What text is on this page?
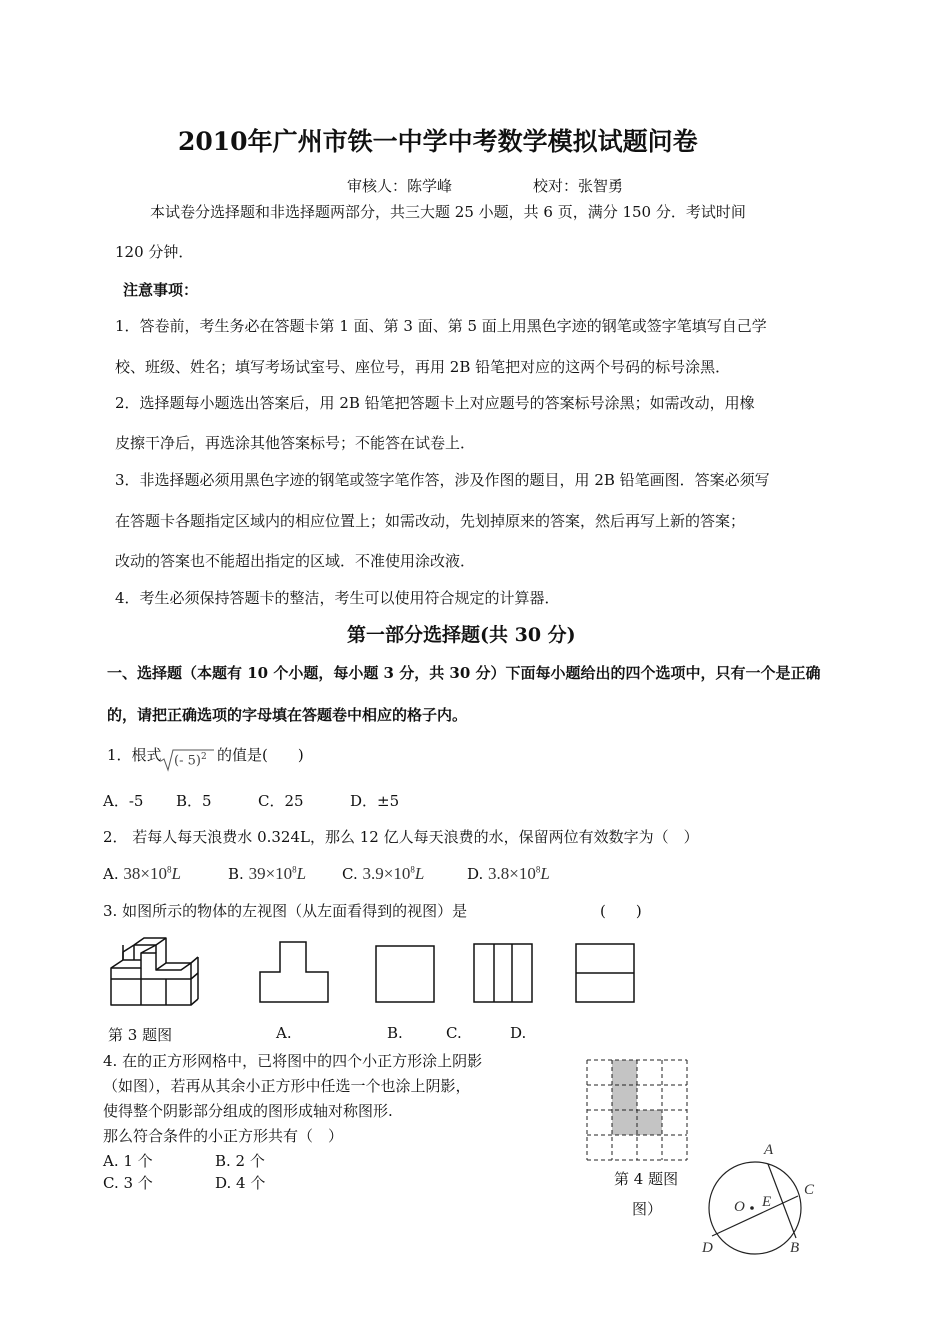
2010年广州市铁一中学中考数学模拟试题问卷
审核人：陈学峰	校对：张智勇
本试卷分选择题和非选择题两部分，共三大题 25 小题，共 6 页，满分 150 分．考试时间
120 分钟．
注意事项：
1．答卷前，考生务必在答题卡第 1 面、第 3 面、第 5 面上用黑色字迹的钢笔或签字笔填写自己学
校、班级、姓名；填写考场试室号、座位号，再用 2B 铅笔把对应的这两个号码的标号涂黑．
2．选择题每小题选出答案后，用 2B 铅笔把答题卡上对应题号的答案标号涂黑；如需改动，用橡
皮擦干净后，再选涂其他答案标号；不能答在试卷上．
3．非选择题必须用黑色字迹的钢笔或签字笔作答，涉及作图的题目，用 2B 铅笔画图．答案必须写
在答题卡各题指定区域内的相应位置上；如需改动，先划掉原来的答案，然后再写上新的答案；
改动的答案也不能超出指定的区域．不准使用涂改液．
4．考生必须保持答题卡的整洁，考生可以使用符合规定的计算器．
第一部分选择题(共 30 分)
一、选择题（本题有 10 个小题，每小题 3 分，共 30 分）下面每小题给出的四个选项中，只有一个是正确
的，请把正确选项的字母填在答题卷中相应的格子内。
1．根式 (- 5)$^2$ 的值是(　　)
A．-5 B．5	C．25	D．±5
2． 若每人每天浪费水 0.324L，那么 12 亿人每天浪费的水，保留两位有效数字为（　）
A. $38\times 10^8L$	B. $39\times 10^8L$ C. $3.9\times 10^8L$	D. $3.8\times 10^8L$
3. 如图所示的物体的左视图（从左面看得到的视图）是	(　　)
第 3 题图	A.	B.	C.	D.
4. 在的正方形网格中，已将图中的四个小正方形涂上阴影
（如图），若再从其余小正方形中任选一个也涂上阴影，
使得整个阴影部分组成的图形成轴对称图形.
那么符合条件的小正方形共有（　）
A. 1 个	B. 2 个
C. 3 个	D. 4 个	第 4 题图
图）
A
B
C
D
O E
